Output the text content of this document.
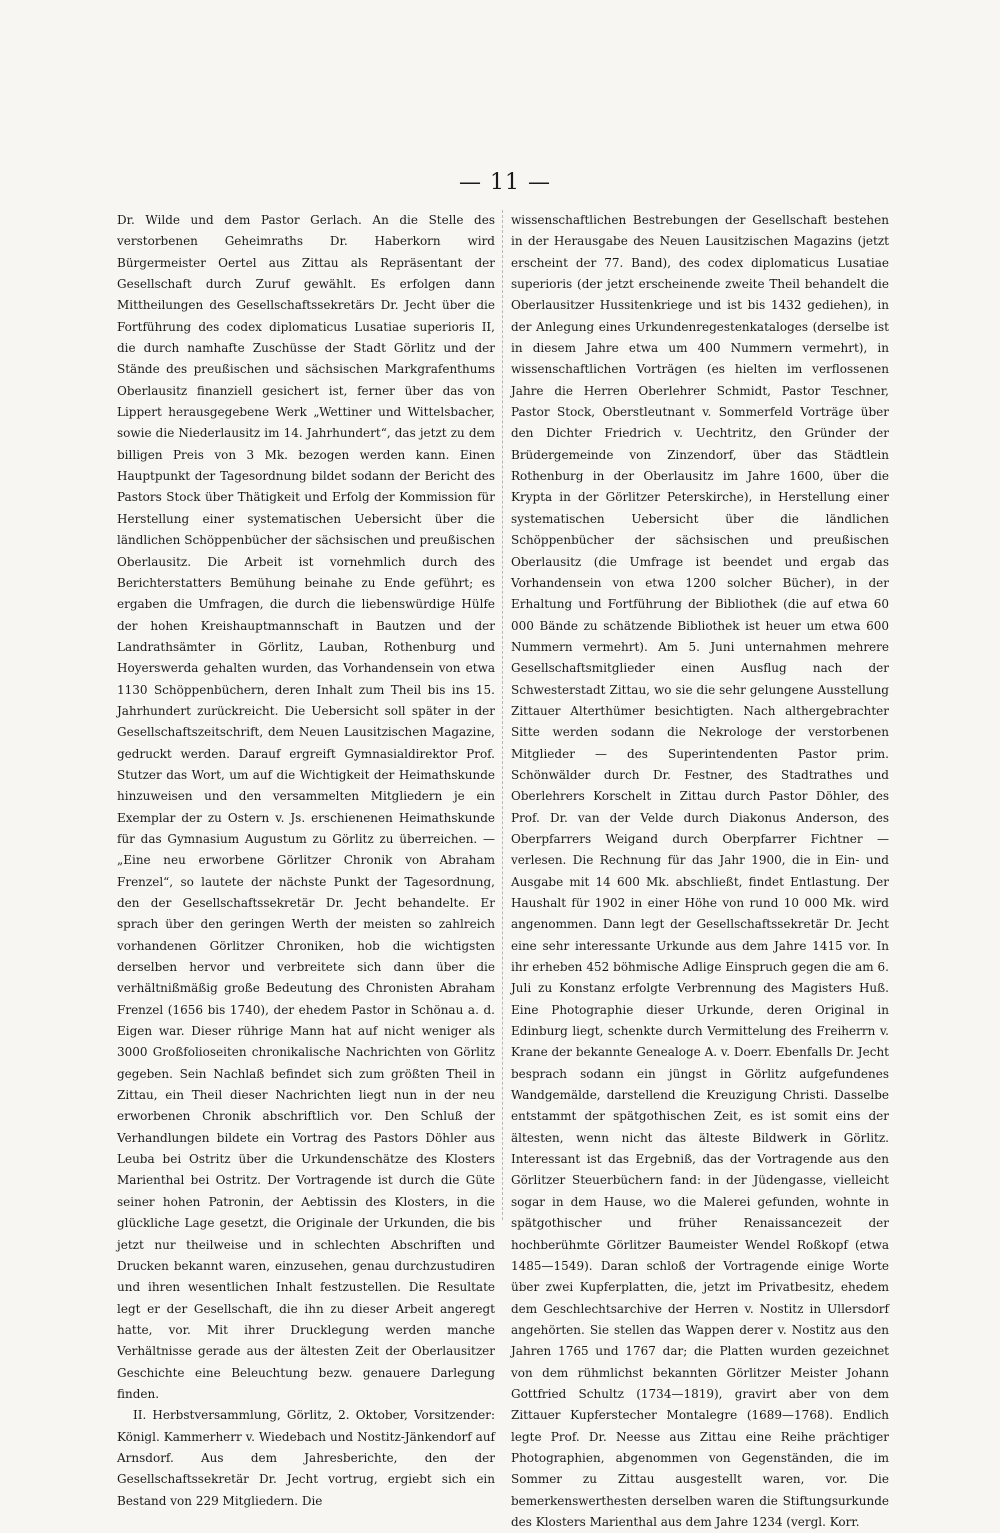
— 11 —

Dr. Wilde und dem Pastor Gerlach. An die Stelle des verstorbenen Geheimraths Dr. Haberkorn wird Bürgermeister Oertel aus Zittau als Repräsentant der Gesellschaft durch Zuruf gewählt. Es erfolgen dann Mittheilungen des Gesellschaftssekretärs Dr. Jecht über die Fortführung des codex diplomaticus Lusatiae superioris II, die durch namhafte Zuschüsse der Stadt Görlitz und der Stände des preußischen und sächsischen Markgrafenthums Oberlausitz finanziell gesichert ist, ferner über das von Lippert herausgegebene Werk „Wettiner und Wittelsbacher, sowie die Niederlausitz im 14. Jahrhundert“, das jetzt zu dem billigen Preis von 3 Mk. bezogen werden kann. Einen Hauptpunkt der Tagesordnung bildet sodann der Bericht des Pastors Stock über Thätigkeit und Erfolg der Kommission für Herstellung einer systematischen Uebersicht über die ländlichen Schöppenbücher der sächsischen und preußischen Oberlausitz. Die Arbeit ist vornehmlich durch des Berichterstatters Bemühung beinahe zu Ende geführt; es ergaben die Umfragen, die durch die liebenswürdige Hülfe der hohen Kreishauptmannschaft in Bautzen und der Landrathsämter in Görlitz, Lauban, Rothenburg und Hoyerswerda gehalten wurden, das Vorhandensein von etwa 1130 Schöppenbüchern, deren Inhalt zum Theil bis ins 15. Jahrhundert zurückreicht. Die Uebersicht soll später in der Gesellschaftszeitschrift, dem Neuen Lausitzischen Magazine, gedruckt werden. Darauf ergreift Gymnasialdirektor Prof. Stutzer das Wort, um auf die Wichtigkeit der Heimathskunde hinzuweisen und den versammelten Mitgliedern je ein Exemplar der zu Ostern v. Js. erschienenen Heimathskunde für das Gymnasium Augustum zu Görlitz zu überreichen. — „Eine neu erworbene Görlitzer Chronik von Abraham Frenzel“, so lautete der nächste Punkt der Tagesordnung, den der Gesellschaftssekretär Dr. Jecht behandelte. Er sprach über den geringen Werth der meisten so zahlreich vorhandenen Görlitzer Chroniken, hob die wichtigsten derselben hervor und verbreitete sich dann über die verhältnißmäßig große Bedeutung des Chronisten Abraham Frenzel (1656 bis 1740), der ehedem Pastor in Schönau a. d. Eigen war. Dieser rührige Mann hat auf nicht weniger als 3000 Großfolioseiten chronikalische Nachrichten von Görlitz gegeben. Sein Nachlaß befindet sich zum größten Theil in Zittau, ein Theil dieser Nachrichten liegt nun in der neu erworbenen Chronik abschriftlich vor. Den Schluß der Verhandlungen bildete ein Vortrag des Pastors Döhler aus Leuba bei Ostritz über die Urkundenschätze des Klosters Marienthal bei Ostritz. Der Vortragende ist durch die Güte seiner hohen Patronin, der Aebtissin des Klosters, in die glückliche Lage gesetzt, die Originale der Urkunden, die bis jetzt nur theilweise und in schlechten Abschriften und Drucken bekannt waren, einzusehen, genau durchzustudiren und ihren wesentlichen Inhalt festzustellen. Die Resultate legt er der Gesellschaft, die ihn zu dieser Arbeit angeregt hatte, vor. Mit ihrer Drucklegung werden manche Verhältnisse gerade aus der ältesten Zeit der Oberlausitzer Geschichte eine Beleuchtung bezw. genauere Darlegung finden.

II. Herbstversammlung, Görlitz, 2. Oktober, Vorsitzender: Königl. Kammerherr v. Wiedebach und Nostitz-Jänkendorf auf Arnsdorf. Aus dem Jahresberichte, den der Gesellschaftssekretär Dr. Jecht vortrug, ergiebt sich ein Bestand von 229 Mitgliedern. Die

wissenschaftlichen Bestrebungen der Gesellschaft bestehen in der Herausgabe des Neuen Lausitzischen Magazins (jetzt erscheint der 77. Band), des codex diplomaticus Lusatiae superioris (der jetzt erscheinende zweite Theil behandelt die Oberlausitzer Hussitenkriege und ist bis 1432 gediehen), in der Anlegung eines Urkundenregestenkataloges (derselbe ist in diesem Jahre etwa um 400 Nummern vermehrt), in wissenschaftlichen Vorträgen (es hielten im verflossenen Jahre die Herren Oberlehrer Schmidt, Pastor Teschner, Pastor Stock, Oberstleutnant v. Sommerfeld Vorträge über den Dichter Friedrich v. Uechtritz, den Gründer der Brüdergemeinde von Zinzendorf, über das Städtlein Rothenburg in der Oberlausitz im Jahre 1600, über die Krypta in der Görlitzer Peterskirche), in Herstellung einer systematischen Uebersicht über die ländlichen Schöppenbücher der sächsischen und preußischen Oberlausitz (die Umfrage ist beendet und ergab das Vorhandensein von etwa 1200 solcher Bücher), in der Erhaltung und Fortführung der Bibliothek (die auf etwa 60 000 Bände zu schätzende Bibliothek ist heuer um etwa 600 Nummern vermehrt). Am 5. Juni unternahmen mehrere Gesellschaftsmitglieder einen Ausflug nach der Schwesterstadt Zittau, wo sie die sehr gelungene Ausstellung Zittauer Alterthümer besichtigten. Nach althergebrachter Sitte werden sodann die Nekrologe der verstorbenen Mitglieder — des Superintendenten Pastor prim. Schönwälder durch Dr. Festner, des Stadtrathes und Oberlehrers Korschelt in Zittau durch Pastor Döhler, des Prof. Dr. van der Velde durch Diakonus Anderson, des Oberpfarrers Weigand durch Oberpfarrer Fichtner — verlesen. Die Rechnung für das Jahr 1900, die in Ein- und Ausgabe mit 14 600 Mk. abschließt, findet Entlastung. Der Haushalt für 1902 in einer Höhe von rund 10 000 Mk. wird angenommen. Dann legt der Gesellschaftssekretär Dr. Jecht eine sehr interessante Urkunde aus dem Jahre 1415 vor. In ihr erheben 452 böhmische Adlige Einspruch gegen die am 6. Juli zu Konstanz erfolgte Verbrennung des Magisters Huß. Eine Photographie dieser Urkunde, deren Original in Edinburg liegt, schenkte durch Vermittelung des Freiherrn v. Krane der bekannte Genealoge A. v. Doerr. Ebenfalls Dr. Jecht besprach sodann ein jüngst in Görlitz aufgefundenes Wandgemälde, darstellend die Kreuzigung Christi. Dasselbe entstammt der spätgothischen Zeit, es ist somit eins der ältesten, wenn nicht das älteste Bildwerk in Görlitz. Interessant ist das Ergebniß, das der Vortragende aus den Görlitzer Steuerbüchern fand: in der Jüdengasse, vielleicht sogar in dem Hause, wo die Malerei gefunden, wohnte in spätgothischer und früher Renaissancezeit der hochberühmte Görlitzer Baumeister Wendel Roßkopf (etwa 1485—1549). Daran schloß der Vortragende einige Worte über zwei Kupferplatten, die, jetzt im Privatbesitz, ehedem dem Geschlechtsarchive der Herren v. Nostitz in Ullersdorf angehörten. Sie stellen das Wappen derer v. Nostitz aus den Jahren 1765 und 1767 dar; die Platten wurden gezeichnet von dem rühmlichst bekannten Görlitzer Meister Johann Gottfried Schultz (1734—1819), gravirt aber von dem Zittauer Kupferstecher Montalegre (1689—1768). Endlich legte Prof. Dr. Neesse aus Zittau eine Reihe prächtiger Photographien, abgenommen von Gegenständen, die im Sommer zu Zittau ausgestellt waren, vor. Die bemerkenswerthesten derselben waren die Stiftungsurkunde des Klosters Marienthal aus dem Jahre 1234 (vergl. Korr.
